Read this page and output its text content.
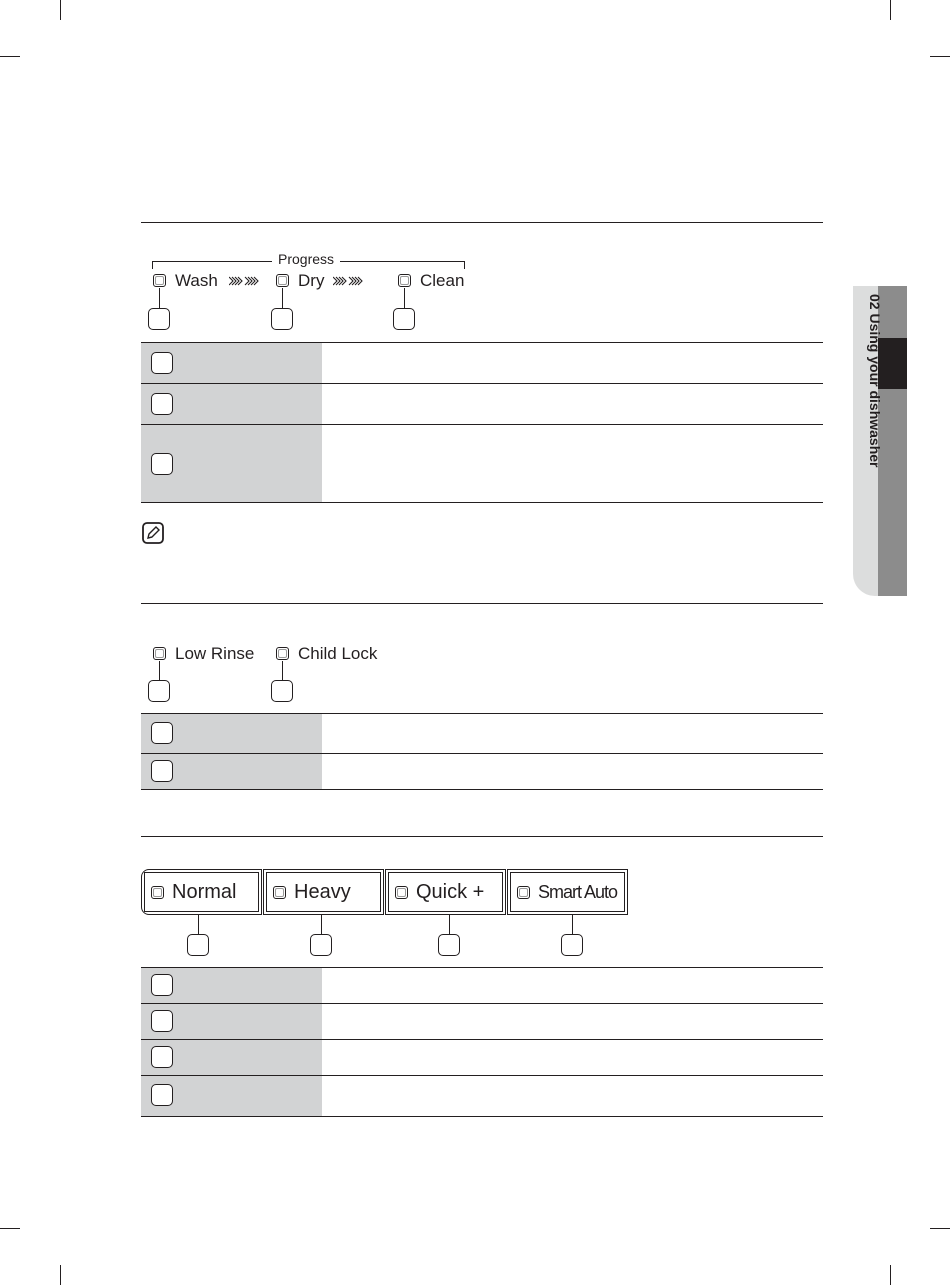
02 Using your dishwasher
Progress
Wash	Dry	Clean
Low Rinse	Child Lock
Normal	Heavy	Quick +	Smart Auto
